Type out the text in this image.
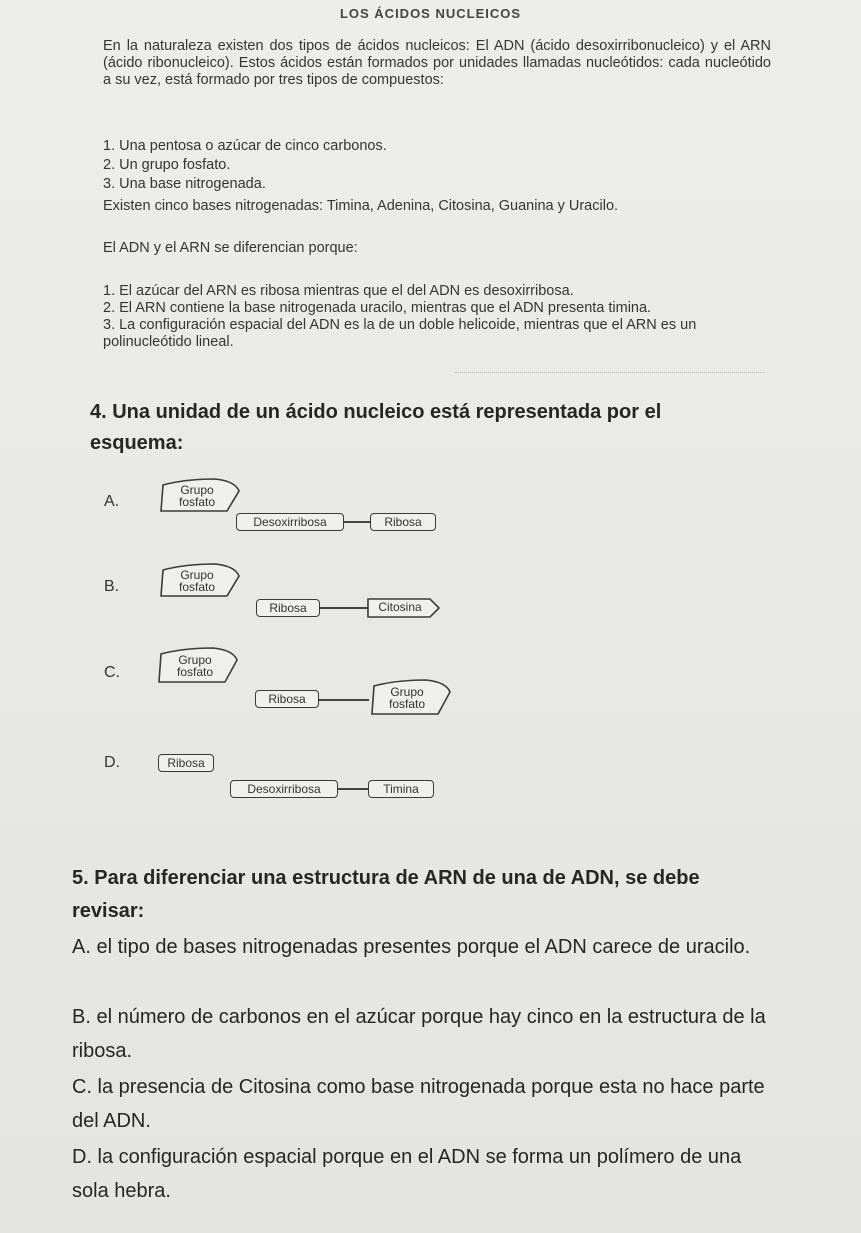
LOS ÁCIDOS NUCLEICOS
En la naturaleza existen dos tipos de ácidos nucleicos: El ADN (ácido desoxirribonucleico) y el ARN (ácido ribonucleico). Estos ácidos están formados por unidades llamadas nucleótidos: cada nucleótido a su vez, está formado por tres tipos de compuestos:
1. Una pentosa o azúcar de cinco carbonos.
2. Un grupo fosfato.
3. Una base nitrogenada.
Existen cinco bases nitrogenadas: Timina, Adenina, Citosina, Guanina y Uracilo.
El ADN y el ARN se diferencian porque:
1. El azúcar del ARN es ribosa mientras que el del ADN es desoxirribosa.
2. El ARN contiene la base nitrogenada uracilo, mientras que el ADN presenta timina.
3. La configuración espacial del ADN es la de un doble helicoide, mientras que el ARN es un polinucleótido lineal.
4. Una unidad de un ácido nucleico está representada por el esquema:
A.
Grupo fosfato
Desoxirribosa	Ribosa
B.
Grupo fosfato
Ribosa	Citosina
C.
Grupo fosfato
Ribosa	Grupo fosfato
D.	Ribosa
Desoxirribosa	Timina
5. Para diferenciar una estructura de ARN de una de ADN, se debe revisar:
A. el tipo de bases nitrogenadas presentes porque el ADN carece de uracilo.
B. el número de carbonos en el azúcar porque hay cinco en la estructura de la ribosa.
C. la presencia de Citosina como base nitrogenada porque esta no hace parte del ADN.
D. la configuración espacial porque en el ADN se forma un polímero de una sola hebra.
